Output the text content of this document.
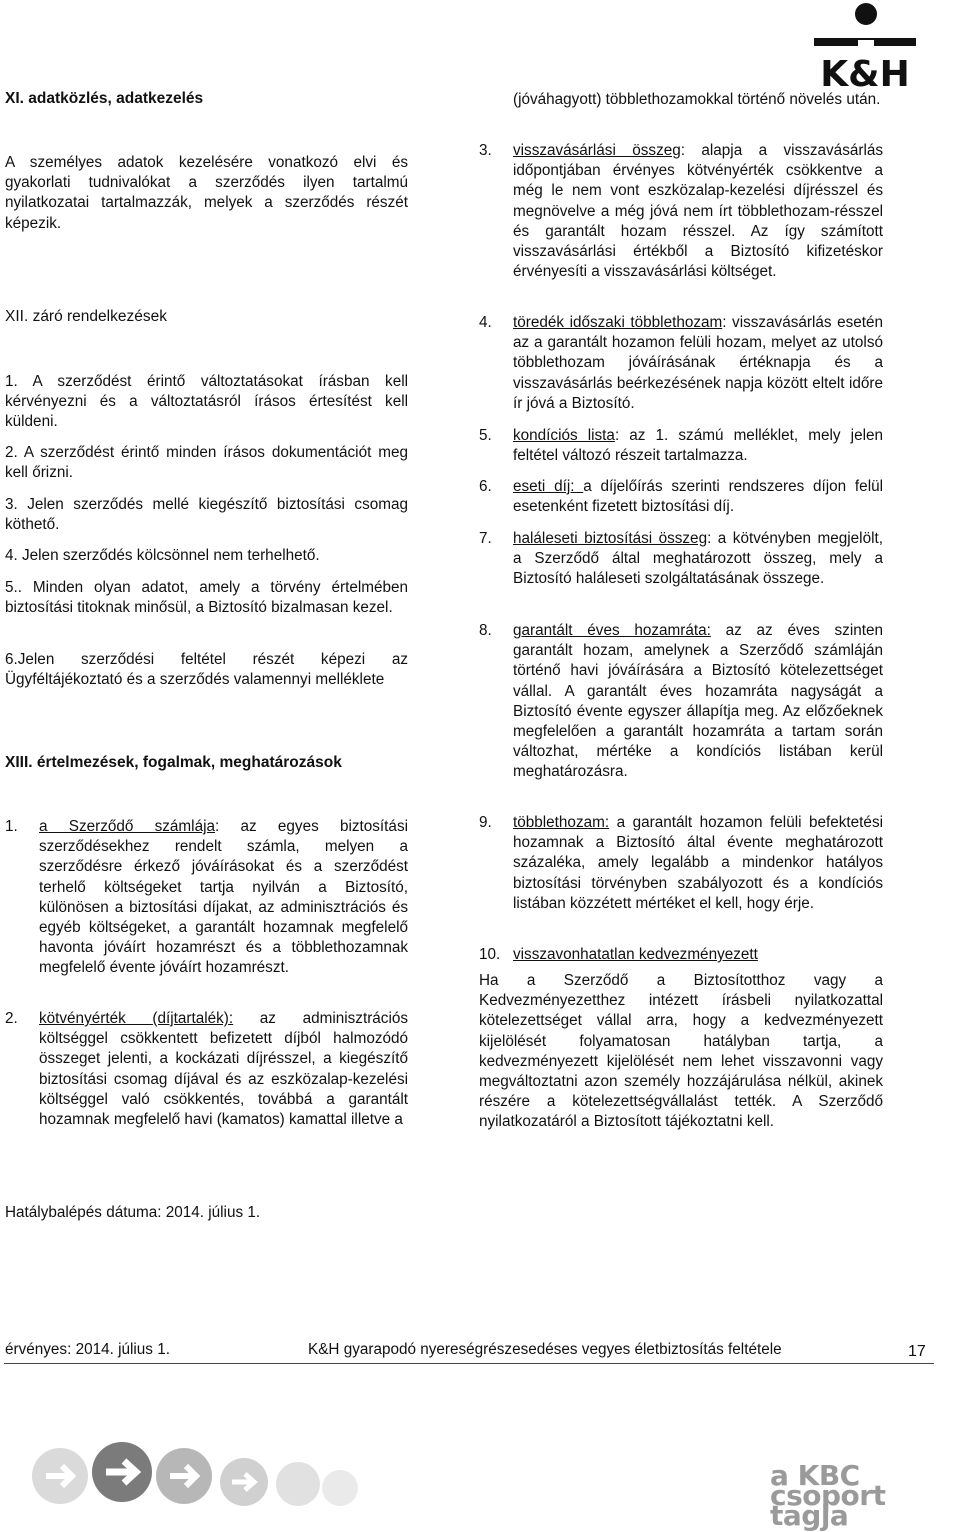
K&H

XI. adatközlés, adatkezelés

A személyes adatok kezelésére vonatkozó elvi és gyakorlati tudnivalókat a szerződés ilyen tartalmú nyilatkozatai tartalmazzák, melyek a szerződés részét képezik.

XII. záró rendelkezések

1. A szerződést érintő változtatásokat írásban kell kérvényezni és a változtatásról írásos értesítést kell küldeni.

2. A szerződést érintő minden írásos dokumentációt meg kell őrizni.

3. Jelen szerződés mellé kiegészítő biztosítási csomag köthető.

4. Jelen szerződés kölcsönnel nem terhelhető.

5.. Minden olyan adatot, amely a törvény értelmében biztosítási titoknak minősül, a Biztosító bizalmasan kezel.

6.Jelen szerződési feltétel részét képezi az Ügyféltájékoztató és a szerződés valamennyi melléklete

XIII. értelmezések, fogalmak, meghatározások

1. a Szerződő számlája: az egyes biztosítási szerződésekhez rendelt számla, melyen a szerződésre érkező jóváírásokat és a szerződést terhelő költségeket tartja nyilván a Biztosító, különösen a biztosítási díjakat, az adminisztrációs és egyéb költségeket, a garantált hozamnak megfelelő havonta jóváírt hozamrészt és a többlethozamnak megfelelő évente jóváírt hozamrészt.

2. kötvényérték (díjtartalék): az adminisztrációs költséggel csökkentett befizetett díjból halmozódó összeget jelenti, a kockázati díjrésszel, a kiegészítő biztosítási csomag díjával és az eszközalap-kezelési költséggel való csökkentés, továbbá a garantált hozamnak megfelelő havi (kamatos) kamattal illetve a

(jóváhagyott) többlethozamokkal történő növelés után.

3. visszavásárlási összeg: alapja a visszavásárlás időpontjában érvényes kötvényérték csökkentve a még le nem vont eszközalap-kezelési díjrésszel és megnövelve a még jóvá nem írt többlethozam-résszel és garantált hozam résszel. Az így számított visszavásárlási értékből a Biztosító kifizetéskor érvényesíti a visszavásárlási költséget.

4. töredék időszaki többlethozam: visszavásárlás esetén az a garantált hozamon felüli hozam, melyet az utolsó többlethozam jóváírásának értéknapja és a visszavásárlás beérkezésének napja között eltelt időre ír jóvá a Biztosító.

5. kondíciós lista: az 1. számú melléklet, mely jelen feltétel változó részeit tartalmazza.

6. eseti díj: a díjelőírás szerinti rendszeres díjon felül esetenként fizetett biztosítási díj.

7. haláleseti biztosítási összeg: a kötvényben megjelölt, a Szerződő által meghatározott összeg, mely a Biztosító haláleseti szolgáltatásának összege.

8. garantált éves hozamráta: az az éves szinten garantált hozam, amelynek a Szerződő számláján történő havi jóváírására a Biztosító kötelezettséget vállal. A garantált éves hozamráta nagyságát a Biztosító évente egyszer állapítja meg. Az előzőeknek megfelelően a garantált hozamráta a tartam során változhat, mértéke a kondíciós listában kerül meghatározásra.

9. többlethozam: a garantált hozamon felüli befektetési hozamnak a Biztosító által évente meghatározott százaléka, amely legalább a mindenkor hatályos biztosítási törvényben szabályozott és a kondíciós listában közzétett mértéket el kell, hogy érje.

10. visszavonhatatlan kedvezményezett

Ha a Szerződő a Biztosítotthoz vagy a Kedvezményezetthez intézett írásbeli nyilatkozattal kötelezettséget vállal arra, hogy a kedvezményezett kijelölését folyamatosan hatályban tartja, a kedvezményezett kijelölését nem lehet visszavonni vagy megváltoztatni azon személy hozzájárulása nélkül, akinek részére a kötelezettségvállalást tették. A Szerződő nyilatkozatáról a Biztosított tájékoztatni kell.

Hatálybalépés dátuma: 2014. július 1.

érvényes: 2014. július 1.	K&H gyarapodó nyereségrészesedéses vegyes életbiztosítás feltétele	17
a KBC csoport tagja
